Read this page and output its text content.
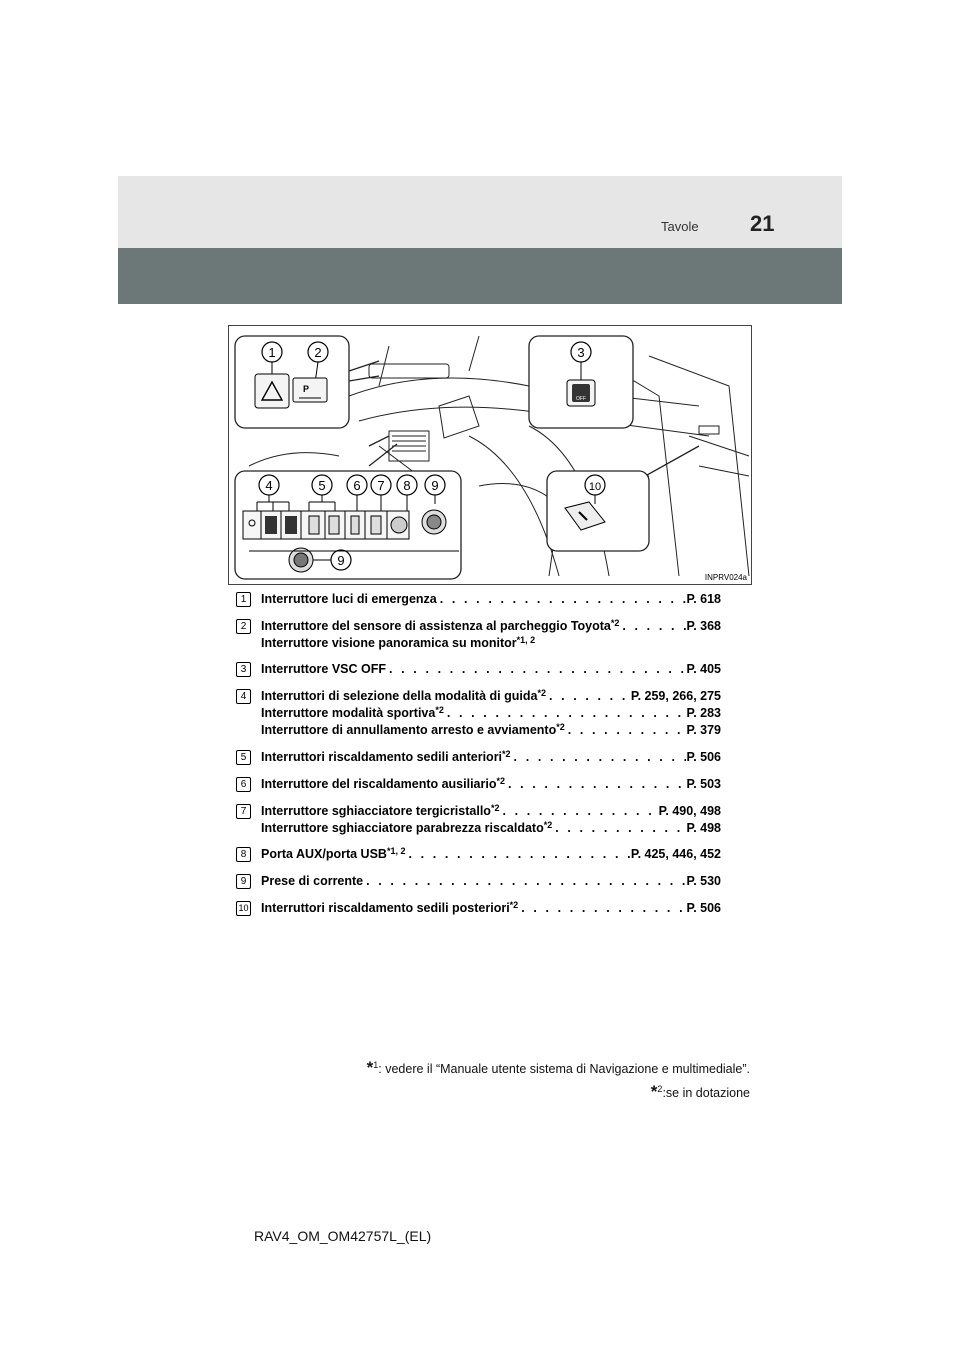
Tavole 21
1	2	3
4	5 6 7 8 9	10
9
P
OFF
INPRV024a
1	Interruttore luci di emergenza . . .	P. 618
2	Interruttore del sensore di assistenza al parcheggio Toyota$^{*2}$ . . .	P. 368
Interruttore visione panoramica su monitor$^{*1, 2}$
3	Interruttore VSC OFF . . .	P. 405
4	Interruttori di selezione della modalità di guida$^{*2}$ . . .	P. 259, 266, 275
Interruttore modalità sportiva$^{*2}$ . . .	P. 283
Interruttore di annullamento arresto e avviamento$^{*2}$ . . .	P. 379
5	Interruttori riscaldamento sedili anteriori$^{*2}$ . . .	P. 506
6	Interruttore del riscaldamento ausiliario$^{*2}$ . . .	P. 503
7	Interruttore sghiacciatore tergicristallo$^{*2}$ . . .	P. 490, 498
Interruttore sghiacciatore parabrezza riscaldato$^{*2}$ . . .	P. 498
8	Porta AUX/porta USB$^{*1, 2}$ . . .	P. 425, 446, 452
9	Prese di corrente . . .	P. 530
10 Interruttori riscaldamento sedili posteriori$^{*2}$ . . .	P. 506
*$^1$: vedere il “Manuale utente sistema di Navigazione e multimediale”.
*$^2$:se in dotazione
RAV4_OM_OM42757L_(EL)
